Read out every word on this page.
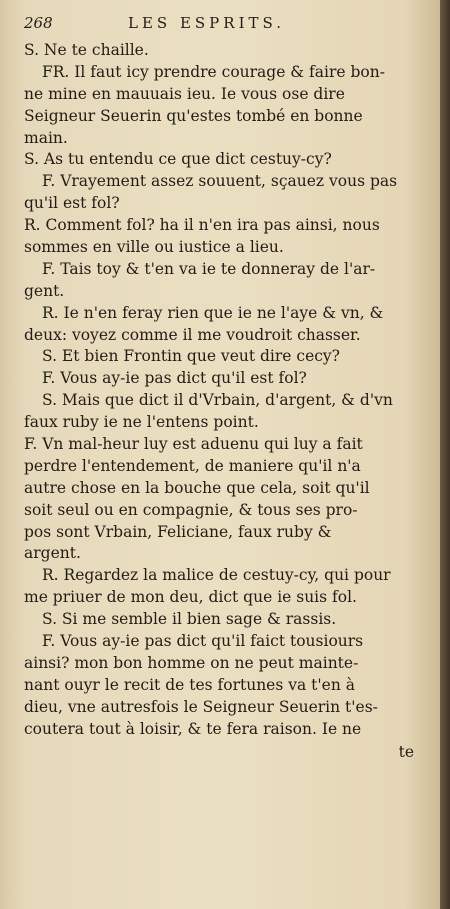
268	LES ESPRITS.
S. Ne te chaille.
FR. Il faut icy prendre courage & faire bon-
ne mine en mauuais ieu. Ie vous ose dire
Seigneur Seuerin qu'estes tombé en bonne
main.
S. As tu entendu ce que dict cestuy-cy?
F. Vrayement assez souuent, sçauez vous pas
qu'il est fol?
R. Comment fol? ha il n'en ira pas ainsi, nous
sommes en ville ou iustice a lieu.
F. Tais toy & t'en va ie te donneray de l'ar-
gent.
R. Ie n'en feray rien que ie ne l'aye & vn, &
deux: voyez comme il me voudroit chasser.
S. Et bien Frontin que veut dire cecy?
F. Vous ay-ie pas dict qu'il est fol?
S. Mais que dict il d'Vrbain, d'argent, & d'vn
faux ruby ie ne l'entens point.
F. Vn mal-heur luy est aduenu qui luy a fait
perdre l'entendement, de maniere qu'il n'a
autre chose en la bouche que cela, soit qu'il
soit seul ou en compagnie, & tous ses pro-
pos sont Vrbain, Feliciane, faux ruby &
argent.
R. Regardez la malice de cestuy-cy, qui pour
me priuer de mon deu, dict que ie suis fol.
S. Si me semble il bien sage & rassis.
F. Vous ay-ie pas dict qu'il faict tousiours
ainsi? mon bon homme on ne peut mainte-
nant ouyr le recit de tes fortunes va t'en à
dieu, vne autresfois le Seigneur Seuerin t'es-
coutera tout à loisir, & te fera raison. Ie ne
te
